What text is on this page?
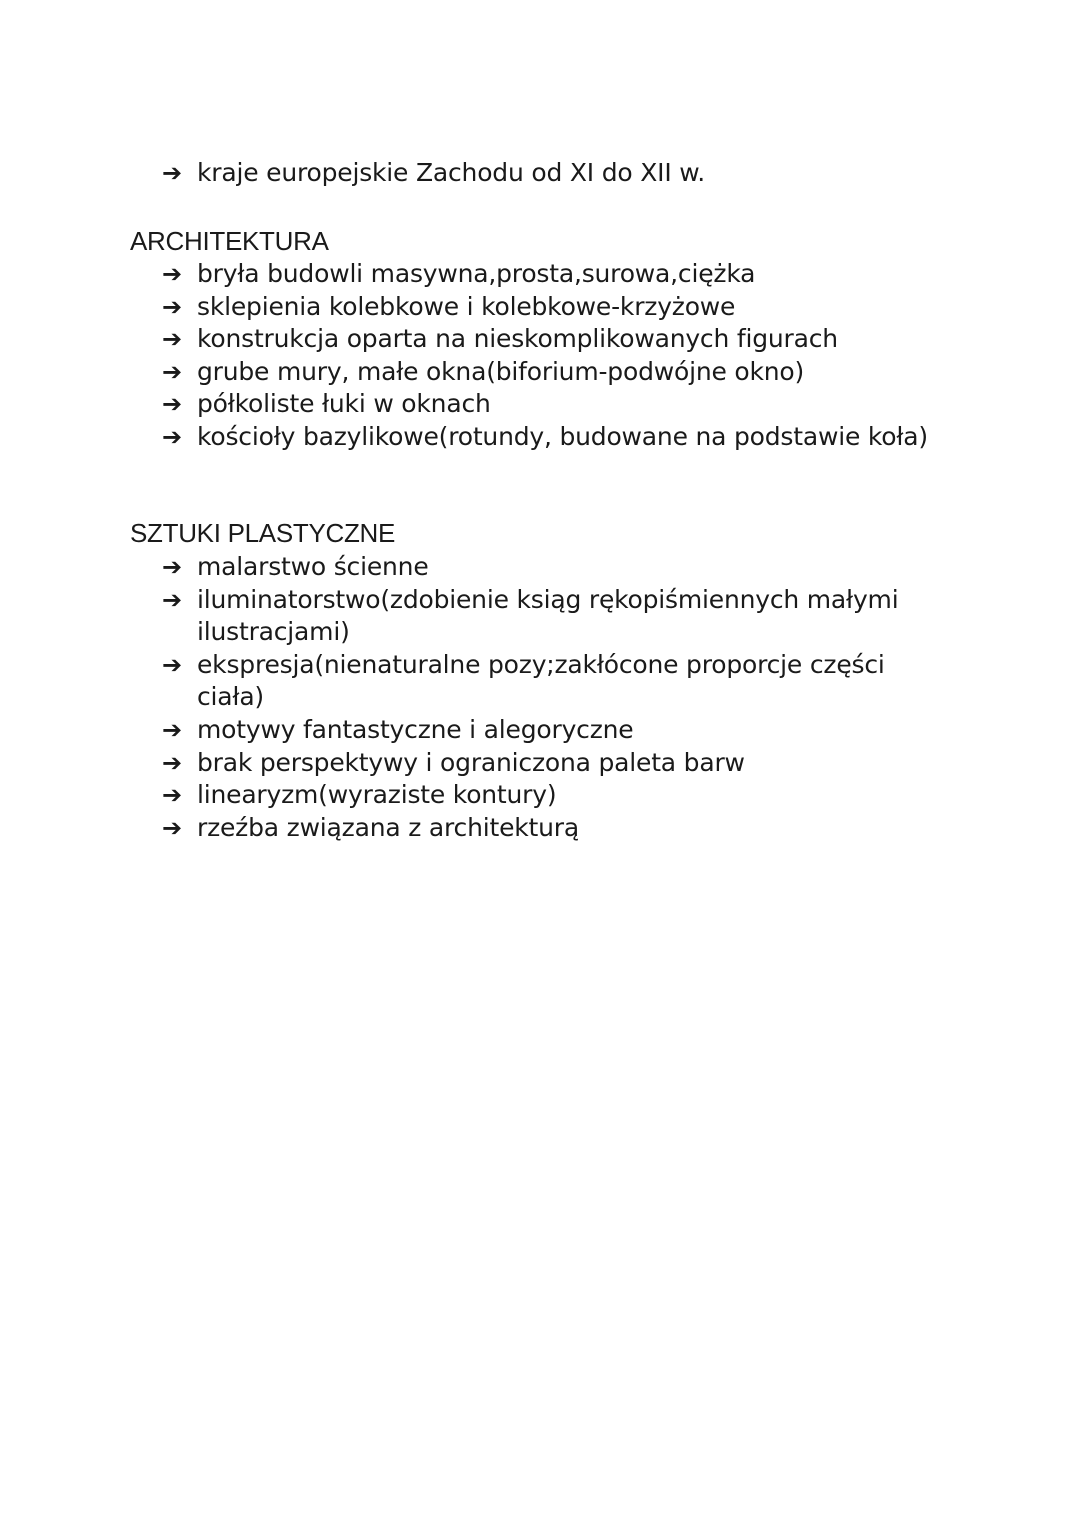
➔ kraje europejskie Zachodu od XI do XII w.
ARCHITEKTURA
➔ bryła budowli masywna,prosta,surowa,ciężka
➔ sklepienia kolebkowe i kolebkowe-krzyżowe
➔ konstrukcja oparta na nieskomplikowanych figurach
➔ grube mury, małe okna(biforium-podwójne okno)
➔ półkoliste łuki w oknach
➔ kościoły bazylikowe(rotundy, budowane na podstawie koła)
SZTUKI PLASTYCZNE
➔ malarstwo ścienne
➔ iluminatorstwo(zdobienie ksiąg rękopiśmiennych małymi ilustracjami)
➔ ekspresja(nienaturalne pozy;zakłócone proporcje części ciała)
➔ motywy fantastyczne i alegoryczne
➔ brak perspektywy i ograniczona paleta barw
➔ linearyzm(wyraziste kontury)
➔ rzeźba związana z architekturą
